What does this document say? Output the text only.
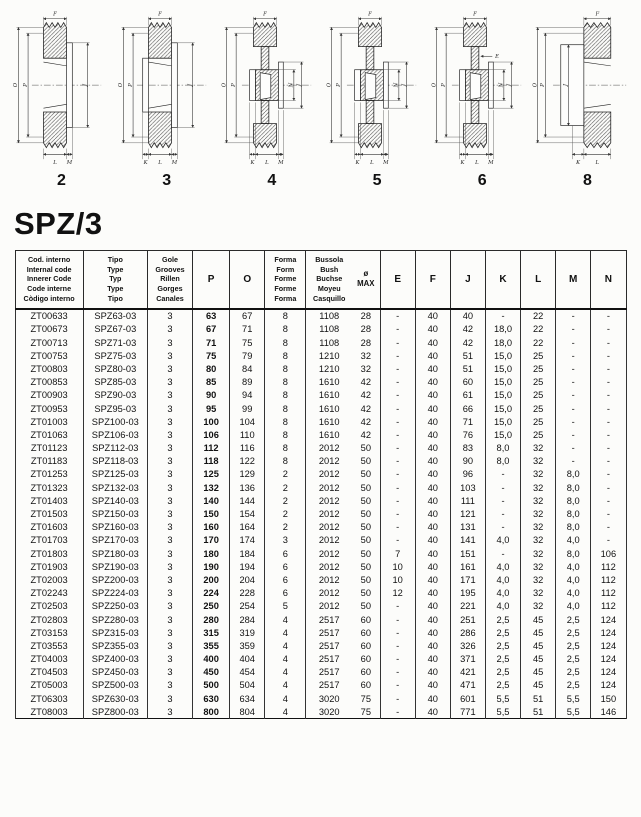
F
O P	J
L M
2
F
O P	J
K L M
3
F
O P	N J
K L M
4
F
O P	N J
K L M
5
F
O P	N J
E
K L M
6
F
O P	J
K	L
8
SPZ/3
Cod. interno
Internal code
Innerer Code
Code interne
Còdigo interno

Tipo
Type
Typ
Type
Tipo

Gole
Grooves
Rillen
Gorges
Canales

P	O

Forma
Form
Forme
Forme
Forma

Bussola
Bush
Buchse
Moyeu
Casquillo

ø
MAX	E	F	J	K	L	M	N

ZT00633	SPZ63-03	3	63	67	8	1108	28	-	40	40	-	22	-	-
ZT00673	SPZ67-03	3	67	71	8	1108	28	-	40	42	18,0	22	-	-
ZT00713	SPZ71-03	3	71	75	8	1108	28	-	40	42	18,0	22	-	-
ZT00753	SPZ75-03	3	75	79	8	1210	32	-	40	51	15,0	25	-	-
ZT00803	SPZ80-03	3	80	84	8	1210	32	-	40	51	15,0	25	-	-
ZT00853	SPZ85-03	3	85	89	8	1610	42	-	40	60	15,0	25	-	-
ZT00903	SPZ90-03	3	90	94	8	1610	42	-	40	61	15,0	25	-	-
ZT00953	SPZ95-03	3	95	99	8	1610	42	-	40	66	15,0	25	-	-
ZT01003	SPZ100-03	3	100	104	8	1610	42	-	40	71	15,0	25	-	-
ZT01063	SPZ106-03	3	106	110	8	1610	42	-	40	76	15,0	25	-	-
ZT01123	SPZ112-03	3	112	116	8	2012	50	-	40	83	8,0	32	-	-
ZT01183	SPZ118-03	3	118	122	8	2012	50	-	40	90	8,0	32	-	-
ZT01253	SPZ125-03	3	125	129	2	2012	50	-	40	96	-	32	8,0	-
ZT01323	SPZ132-03	3	132	136	2	2012	50	-	40	103	-	32	8,0	-
ZT01403	SPZ140-03	3	140	144	2	2012	50	-	40	111	-	32	8,0	-
ZT01503	SPZ150-03	3	150	154	2	2012	50	-	40	121	-	32	8,0	-
ZT01603	SPZ160-03	3	160	164	2	2012	50	-	40	131	-	32	8,0	-
ZT01703	SPZ170-03	3	170	174	3	2012	50	-	40	141	4,0	32	4,0	-
ZT01803	SPZ180-03	3	180	184	6	2012	50	7	40	151	-	32	8,0	106
ZT01903	SPZ190-03	3	190	194	6	2012	50	10	40	161	4,0	32	4,0	112
ZT02003	SPZ200-03	3	200	204	6	2012	50	10	40	171	4,0	32	4,0	112
ZT02243	SPZ224-03	3	224	228	6	2012	50	12	40	195	4,0	32	4,0	112
ZT02503	SPZ250-03	3	250	254	5	2012	50	-	40	221	4,0	32	4,0	112
ZT02803	SPZ280-03	3	280	284	4	2517	60	-	40	251	2,5	45	2,5	124
ZT03153	SPZ315-03	3	315	319	4	2517	60	-	40	286	2,5	45	2,5	124
ZT03553	SPZ355-03	3	355	359	4	2517	60	-	40	326	2,5	45	2,5	124
ZT04003	SPZ400-03	3	400	404	4	2517	60	-	40	371	2,5	45	2,5	124
ZT04503	SPZ450-03	3	450	454	4	2517	60	-	40	421	2,5	45	2,5	124
ZT05003	SPZ500-03	3	500	504	4	2517	60	-	40	471	2,5	45	2,5	124
ZT06303	SPZ630-03	3	630	634	4	3020	75	-	40	601	5,5	51	5,5	150
ZT08003	SPZ800-03	3	800	804	4	3020	75	-	40	771	5,5	51	5,5	146
